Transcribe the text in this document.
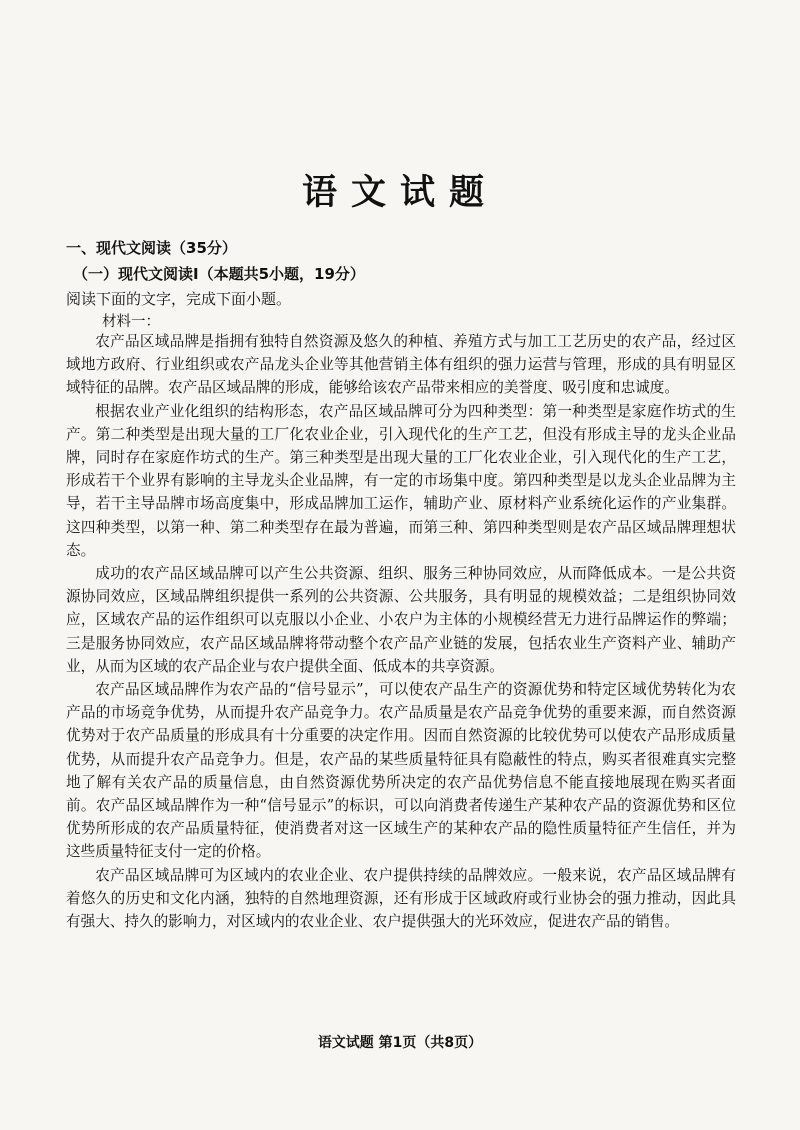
语文试题
一、现代文阅读（35分）
（一）现代文阅读Ⅰ（本题共5小题，19分）
阅读下面的文字，完成下面小题。
材料一：

农产品区域品牌是指拥有独特自然资源及悠久的种植、养殖方式与加工工艺历史的农产品，经过区域地方政府、行业组织或农产品龙头企业等其他营销主体有组织的强力运营与管理，形成的具有明显区域特征的品牌。农产品区域品牌的形成，能够给该农产品带来相应的美誉度、吸引度和忠诚度。

根据农业产业化组织的结构形态，农产品区域品牌可分为四种类型：第一种类型是家庭作坊式的生产。第二种类型是出现大量的工厂化农业企业，引入现代化的生产工艺，但没有形成主导的龙头企业品牌，同时存在家庭作坊式的生产。第三种类型是出现大量的工厂化农业企业，引入现代化的生产工艺，形成若干个业界有影响的主导龙头企业品牌，有一定的市场集中度。第四种类型是以龙头企业品牌为主导，若干主导品牌市场高度集中，形成品牌加工运作，辅助产业、原材料产业系统化运作的产业集群。这四种类型，以第一种、第二种类型存在最为普遍，而第三种、第四种类型则是农产品区域品牌理想状态。

成功的农产品区域品牌可以产生公共资源、组织、服务三种协同效应，从而降低成本。一是公共资源协同效应，区域品牌组织提供一系列的公共资源、公共服务，具有明显的规模效益；二是组织协同效应，区域农产品的运作组织可以克服以小企业、小农户为主体的小规模经营无力进行品牌运作的弊端；三是服务协同效应，农产品区域品牌将带动整个农产品产业链的发展，包括农业生产资料产业、辅助产业，从而为区域的农产品企业与农户提供全面、低成本的共享资源。

农产品区域品牌作为农产品的“信号显示”，可以使农产品生产的资源优势和特定区域优势转化为农产品的市场竞争优势，从而提升农产品竞争力。农产品质量是农产品竞争优势的重要来源，而自然资源优势对于农产品质量的形成具有十分重要的决定作用。因而自然资源的比较优势可以使农产品形成质量优势，从而提升农产品竞争力。但是，农产品的某些质量特征具有隐蔽性的特点，购买者很难真实完整地了解有关农产品的质量信息，由自然资源优势所决定的农产品优势信息不能直接地展现在购买者面前。农产品区域品牌作为一种“信号显示”的标识，可以向消费者传递生产某种农产品的资源优势和区位优势所形成的农产品质量特征，使消费者对这一区域生产的某种农产品的隐性质量特征产生信任，并为这些质量特征支付一定的价格。

农产品区域品牌可为区域内的农业企业、农户提供持续的品牌效应。一般来说，农产品区域品牌有着悠久的历史和文化内涵，独特的自然地理资源，还有形成于区域政府或行业协会的强力推动，因此具有强大、持久的影响力，对区域内的农业企业、农户提供强大的光环效应，促进农产品的销售。

语文试题 第1页（共8页）
